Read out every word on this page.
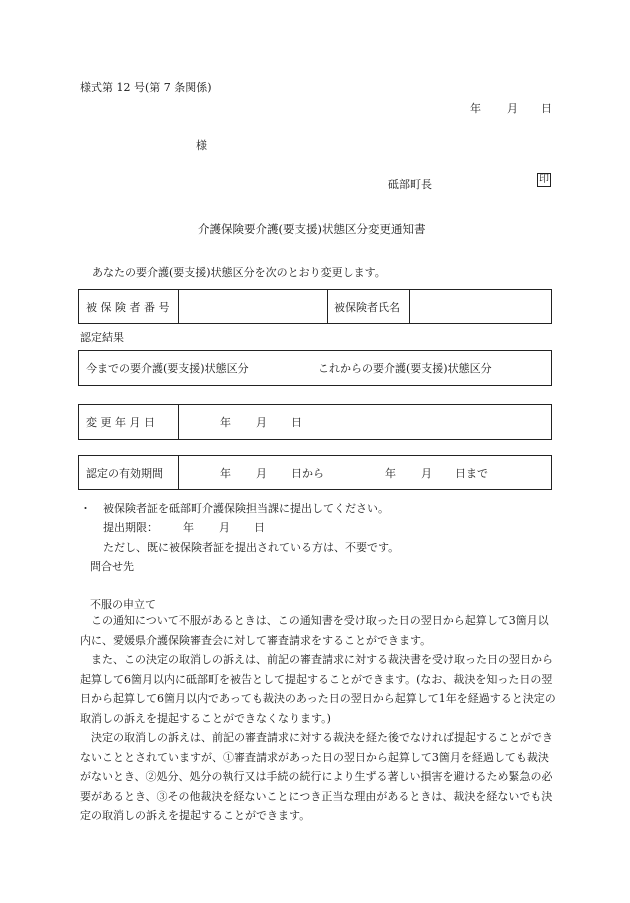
様式第 12 号(第 7 条関係)
年 月 日
様
砥部町長	印
介護保険要介護(要支援)状態区分変更通知書
あなたの要介護(要支援)状態区分を次のとおり変更します。
被 保 険 者 番 号	被保険者氏名
認定結果
今までの要介護(要支援)状態区分	これからの要介護(要支援)状態区分
変 更 年 月 日	年 月 日
認定の有効期間	年 月 日から	年 月 日まで
・ 被保険者証を砥部町介護保険担当課に提出してください。
提出期限： 年 月 日
ただし、既に被保険者証を提出されている方は、不要です。
問合せ先
不服の申立て

この通知について不服があるときは、この通知書を受け取った日の翌日から起算して3箇月以内に、愛媛県介護保険審査会に対して審査請求をすることができます。

また、この決定の取消しの訴えは、前記の審査請求に対する裁決書を受け取った日の翌日から起算して6箇月以内に砥部町を被告として提起することができます。(なお、裁決を知った日の翌日から起算して6箇月以内であっても裁決のあった日の翌日から起算して1年を経過すると決定の取消しの訴えを提起することができなくなります。)

決定の取消しの訴えは、前記の審査請求に対する裁決を経た後でなければ提起することができないこととされていますが、①審査請求があった日の翌日から起算して3箇月を経過しても裁決がないとき、②処分、処分の執行又は手続の続行により生ずる著しい損害を避けるため緊急の必要があるとき、③その他裁決を経ないことにつき正当な理由があるときは、裁決を経ないでも決定の取消しの訴えを提起することができます。
